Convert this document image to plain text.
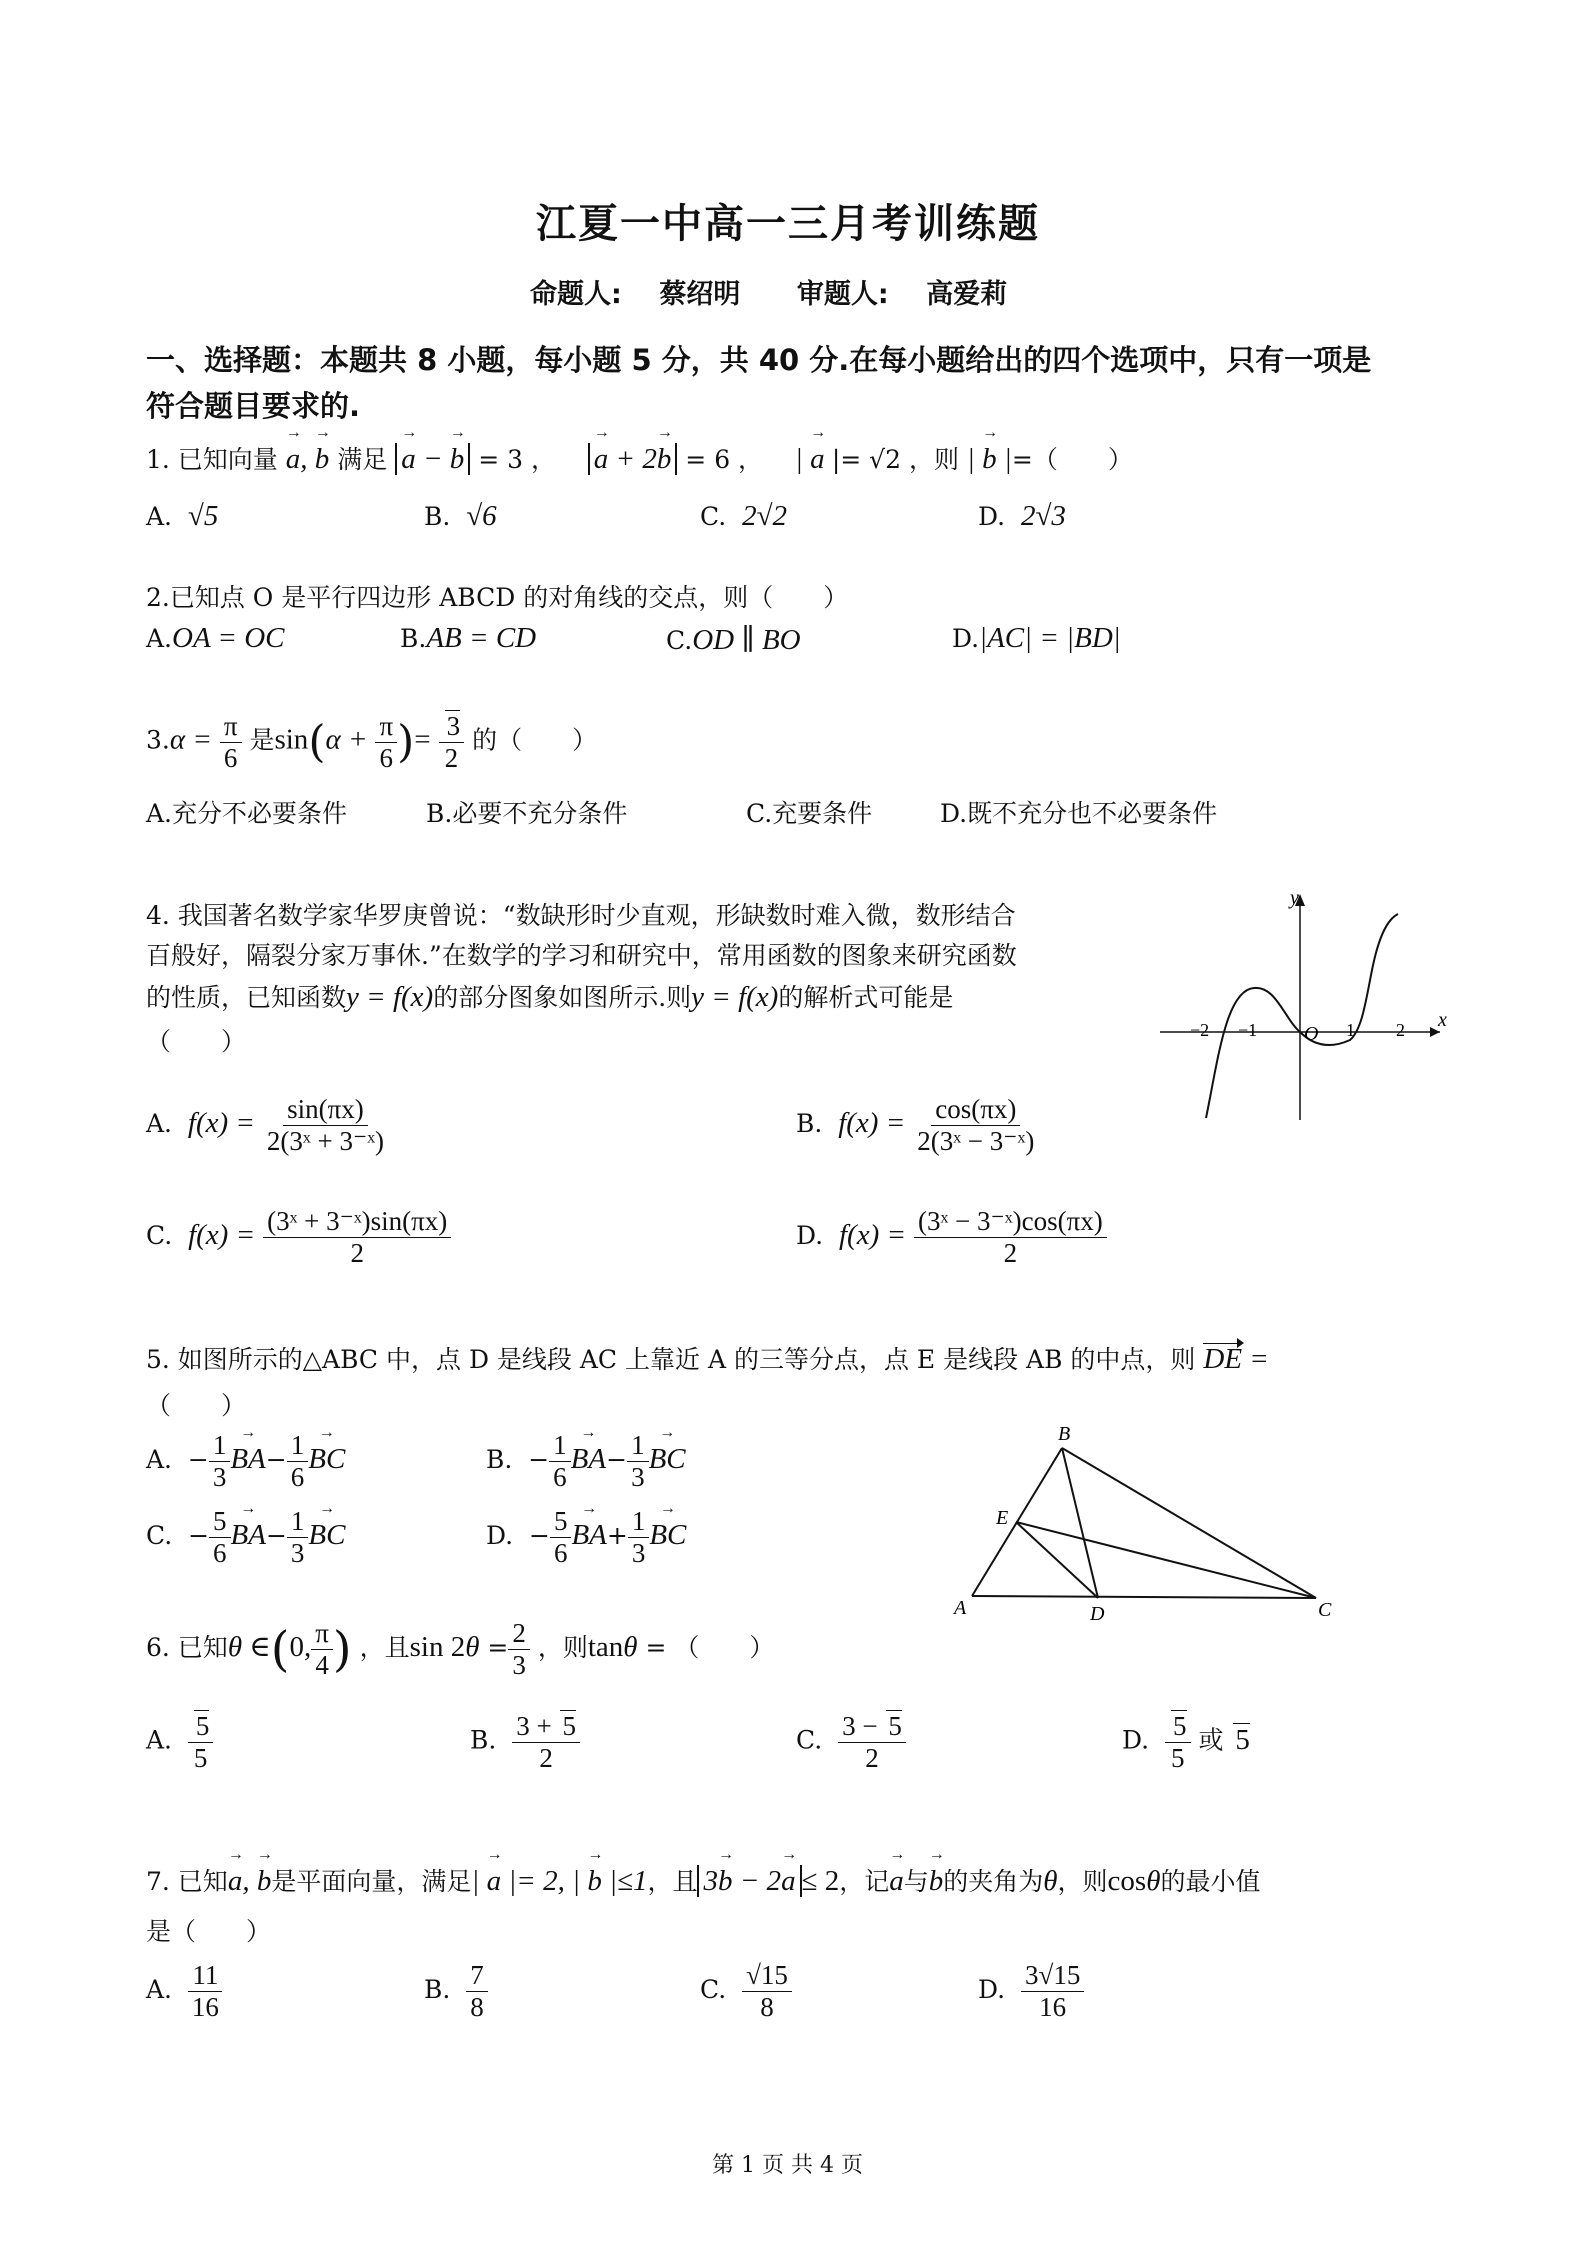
江夏一中高一三月考训练题
命题人: 蔡绍明 审题人: 高爱莉
一、选择题：本题共 8 小题，每小题 5 分，共 40 分.在每小题给出的四个选项中，只有一项是
符合题目要求的.
1. 已知向量 a →, b → 满足 a → − b → = 3 ， a → + 2b → = 6 ， | a → |= √2 ，则 | b → |=（　　）
A.  √5	B.  √6	C.  2√2	D.  2√3
2.已知点 O 是平行四边形 ABCD 的对角线的交点，则（　　）
A.OA = OC	B.AB = CD	C.OD ∥ BO	D.|AC| = |BD|
$3.\alpha = \frac{\pi}{6}$ 是$\sin(\alpha + \frac{\pi}{6}$ )= $\frac{3}{2}$ 的（　　）
A.充分不必要条件	B.必要不充分条件	C.充要条件	D.既不充分也不必要条件
4. 我国著名数学家华罗庚曾说：“数缺形时少直观，形缺数时难入微，数形结合
百般好，隔裂分家万事休.”在数学的学习和研究中，常用函数的图象来研究函数
的性质，已知函数y = f(x)的部分图象如图所示.则y = f(x)的解析式可能是
（　　）
y
x
−2 −1 O 1 2
A.  $f(x) = \frac{\sin(\pi x)}{\text{2(3ˣ + 3⁻ˣ)}}$	B.  $f(x) = \frac{\cos(\pi x)}{\text{2(3ˣ − 3⁻ˣ)}}$
C.  $f(x) = \frac{\text{(3ˣ + 3⁻ˣ)sin(πx)}}{2}$	D.  $f(x) = \frac{\text{(3ˣ − 3⁻ˣ)cos(πx)}}{2}$
5. 如图所示的△ABC 中，点 D 是线段 AC 上靠近 A 的三等分点，点 E 是线段 AB 的中点，则 DE =
（　　）
A.  − $\frac{1}{3}$ BA →− $\frac{1}{6}$ BC →	B.  − $\frac{1}{6}$ BA →− $\frac{1}{3}$ BC →
C.  − $\frac{5}{6}$ BA →− $\frac{1}{3}$ BC →	D.  − $\frac{5}{6}$ BA →+ $\frac{1}{3}$ BC →
B
E
A	D	C
6. 已知θ ∈(0, $\frac{\pi}{4}$ ) ，且$\sin 2\theta = \frac{2}{3}$ ，则tanθ = （　　）
A. $\frac{5}{5}$	B. $\frac{3 + 5}{2}$	C. $\frac{3 - 5}{2}$	D. $\frac{5}{5}$ 或 5
7. 已知a →, b →是平面向量，满足| a → |= 2, | b → |≤1，且 3b → − 2a → ≤ 2，记a →与b →的夹角为θ，则cosθ的最小值
是（　　）
A. $\frac{11}{16}$	B. $\frac{7}{8}$	C. $\frac{√15}{8}$	D. $\frac{3√15}{16}$
第 1 页 共 4 页
